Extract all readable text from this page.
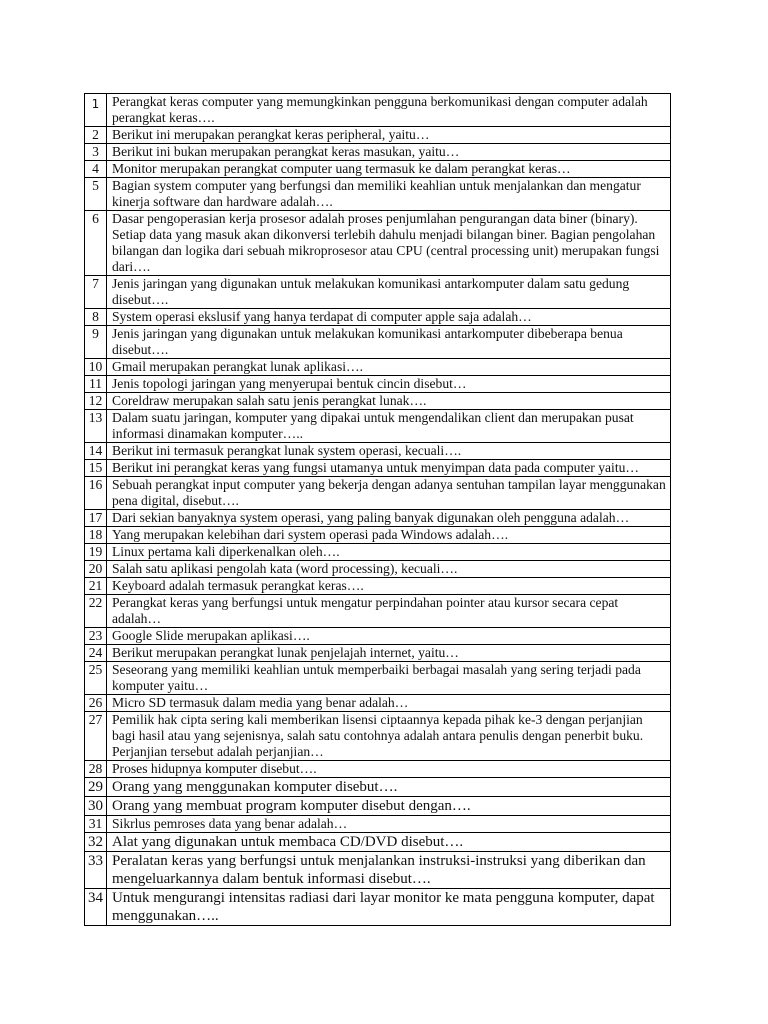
1	Perangkat keras computer yang memungkinkan pengguna berkomunikasi dengan computer adalah perangkat keras….
2	Berikut ini merupakan perangkat keras peripheral, yaitu…
3	Berikut ini bukan merupakan perangkat keras masukan, yaitu…
4	Monitor merupakan perangkat computer uang termasuk ke dalam perangkat keras…
5	Bagian system computer yang berfungsi dan memiliki keahlian untuk menjalankan dan mengatur kinerja software dan hardware adalah….
6	Dasar pengoperasian kerja prosesor adalah proses penjumlahan pengurangan data biner (binary). Setiap data yang masuk akan dikonversi terlebih dahulu menjadi bilangan biner. Bagian pengolahan bilangan dan logika dari sebuah mikroprosesor atau CPU (central processing unit) merupakan fungsi dari….
7	Jenis jaringan yang digunakan untuk melakukan komunikasi antarkomputer dalam satu gedung disebut….
8	System operasi ekslusif yang hanya terdapat di computer apple saja adalah…
9	Jenis jaringan yang digunakan untuk melakukan komunikasi antarkomputer dibeberapa benua disebut….
10	Gmail merupakan perangkat lunak aplikasi….
11	Jenis topologi jaringan yang menyerupai bentuk cincin disebut…
12	Coreldraw merupakan salah satu jenis perangkat lunak….
13	Dalam suatu jaringan, komputer yang dipakai untuk mengendalikan client dan merupakan pusat informasi dinamakan komputer…..
14	Berikut ini termasuk perangkat lunak system operasi, kecuali….
15	Berikut ini perangkat keras yang fungsi utamanya untuk menyimpan data pada computer yaitu…
16	Sebuah perangkat input computer yang bekerja dengan adanya sentuhan tampilan layar menggunakan pena digital, disebut….
17	Dari sekian banyaknya system operasi, yang paling banyak digunakan oleh pengguna adalah…
18	Yang merupakan kelebihan dari system operasi pada Windows adalah….
19	Linux pertama kali diperkenalkan oleh….
20	Salah satu aplikasi pengolah kata (word processing), kecuali….
21	Keyboard adalah termasuk perangkat keras….
22	Perangkat keras yang berfungsi untuk mengatur perpindahan pointer atau kursor secara cepat adalah…
23	Google Slide merupakan aplikasi….
24	Berikut merupakan perangkat lunak penjelajah internet, yaitu…
25	Seseorang yang memiliki keahlian untuk memperbaiki berbagai masalah yang sering terjadi pada komputer yaitu…
26	Micro SD termasuk dalam media yang benar adalah…
27	Pemilik hak cipta sering kali memberikan lisensi ciptaannya kepada pihak ke-3 dengan perjanjian bagi hasil atau yang sejenisnya, salah satu contohnya adalah antara penulis dengan penerbit buku. Perjanjian tersebut adalah perjanjian…
28	Proses hidupnya komputer disebut….
29	Orang yang menggunakan komputer disebut….
30	Orang yang membuat program komputer disebut dengan….
31	Sikrlus pemroses data yang benar adalah…
32	Alat yang digunakan untuk membaca CD/DVD disebut….
33	Peralatan keras yang berfungsi untuk menjalankan instruksi-instruksi yang diberikan dan mengeluarkannya dalam bentuk informasi disebut….
34	Untuk mengurangi intensitas radiasi dari layar monitor ke mata pengguna komputer, dapat menggunakan…..
